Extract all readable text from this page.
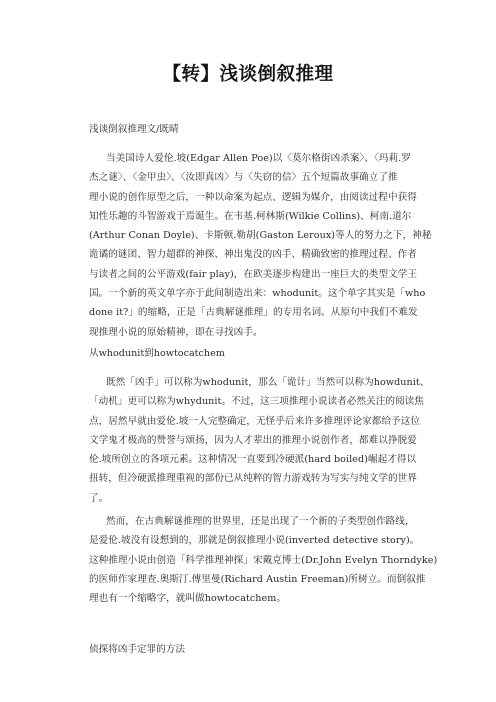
【转】浅谈倒叙推理
浅谈倒叙推理文/既晴
当美国诗人爱伦.坡(Edgar Allen Poe)以〈莫尔格街凶杀案〉、〈玛莉.罗
杰之谜〉、〈金甲虫〉、〈汝即真凶〉与〈失窃的信〉五个短篇故事确立了推
理小说的创作原型之后，一种以命案为起点、逻辑为媒介，由阅读过程中获得
知性乐趣的斗智游戏于焉诞生。在韦基.柯林斯(Wilkie Collins)、柯南.道尔
(Arthur Conan Doyle)、卡斯顿.勒胡(Gaston Leroux)等人的努力之下，神秘
诡谲的谜团、智力超群的神探、神出鬼没的凶手、精确致密的推理过程、作者
与读者之间的公平游戏(fair play)，在欧美逐步构建出一座巨大的类型文学王
国。一个新的英文单字亦于此间制造出来：whodunit。这个单字其实是「who
done it?」的缩略，正是「古典解谜推理」的专用名词。从原句中我们不难发
现推理小说的原始精神，即在寻找凶手。
从whodunit到howtocatchem
既然「凶手」可以称为whodunit，那么「诡计」当然可以称为howdunit、
「动机」更可以称为whydunit。不过，这三项推理小说读者必然关注的阅读焦
点，居然早就由爱伦.坡一人完整确定，无怪乎后来许多推理评论家都给予这位
文学鬼才极高的赞誉与颂扬，因为人才辈出的推理小说创作者，都难以挣脱爱
伦.坡所创立的各项元素。这种情况一直要到冷硬派(hard boiled)崛起才得以
扭转，但冷硬派推理重视的部份已从纯粹的智力游戏转为写实与纯文学的世界
了。
然而，在古典解谜推理的世界里，还是出现了一个新的子类型创作路线，
是爱伦.坡没有设想到的，那就是倒叙推理小说(inverted detective story)。
这种推理小说由创造「科学推理神探」宋戴克博士(Dr.John Evelyn Thorndyke)
的医师作家理查.奥斯汀.傅里曼(Richard Austin Freeman)所树立。而倒叙推
理也有一个缩略字，就叫做howtocatchem。
侦探将凶手定罪的方法
